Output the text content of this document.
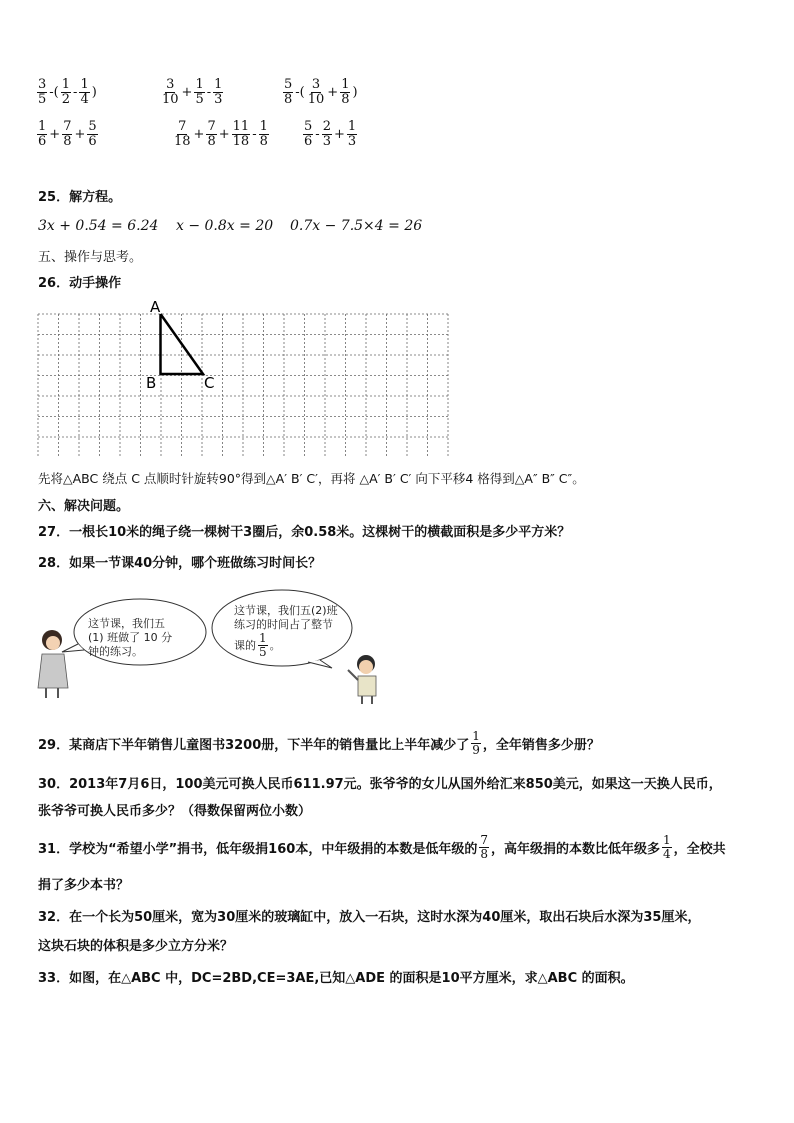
$\frac{3}{5}$ -( $\frac{1}{2} - \frac{1}{4}$ )	$\frac{3}{10} + \frac{1}{5} - \frac{1}{3}$	$\frac{5}{8}$ -( $\frac{3}{10} + \frac{1}{8}$ )
$\frac{1}{6} + \frac{7}{8} + \frac{5}{6}$	$\frac{7}{18} + \frac{7}{8} + \frac{11}{18} - \frac{1}{8}$	$\frac{5}{6} - \frac{2}{3} + \frac{1}{3}$
25．解方程。
3x + 0.54 = 6.24 x − 0.8x = 20 0.7x − 7.5×4 = 26
五、操作与思考。
26．动手操作
A
B	C
先将△ABC 绕点 C 点顺时针旋转90°得到△A′ B′ C′，再将 △A′ B′ C′ 向下平移4 格得到△A″ B″ C″。
六、解决问题。
27．一根长10米的绳子绕一棵树干3圈后，余0.58米。这棵树干的横截面积是多少平方米？
28．如果一节课40分钟，哪个班做练习时间长？
这节课，我们五
(1) 班做了 10 分
钟的练习。
这节课，我们五(2)班
练习的时间占了整节
课的 $\frac{1}{5}$ 。
29．某商店下半年销售儿童图书3200册，下半年的销售量比上半年减少了 $\frac{1}{9}$ ，全年销售多少册？
30．2013年7月6日，100美元可换人民币611.97元。张爷爷的女儿从国外给汇来850美元，如果这一天换人民币，
张爷爷可换人民币多少？（得数保留两位小数）
31．学校为“希望小学”捐书，低年级捐160本，中年级捐的本数是低年级的 $\frac{7}{8}$ ，高年级捐的本数比低年级多 $\frac{1}{4}$ ，全校共
捐了多少本书？
32．在一个长为50厘米，宽为30厘米的玻璃缸中，放入一石块，这时水深为40厘米，取出石块后水深为35厘米，
这块石块的体积是多少立方分米？
33．如图，在△ABC 中，DC=2BD,CE=3AE,已知△ADE 的面积是10平方厘米，求△ABC 的面积。
